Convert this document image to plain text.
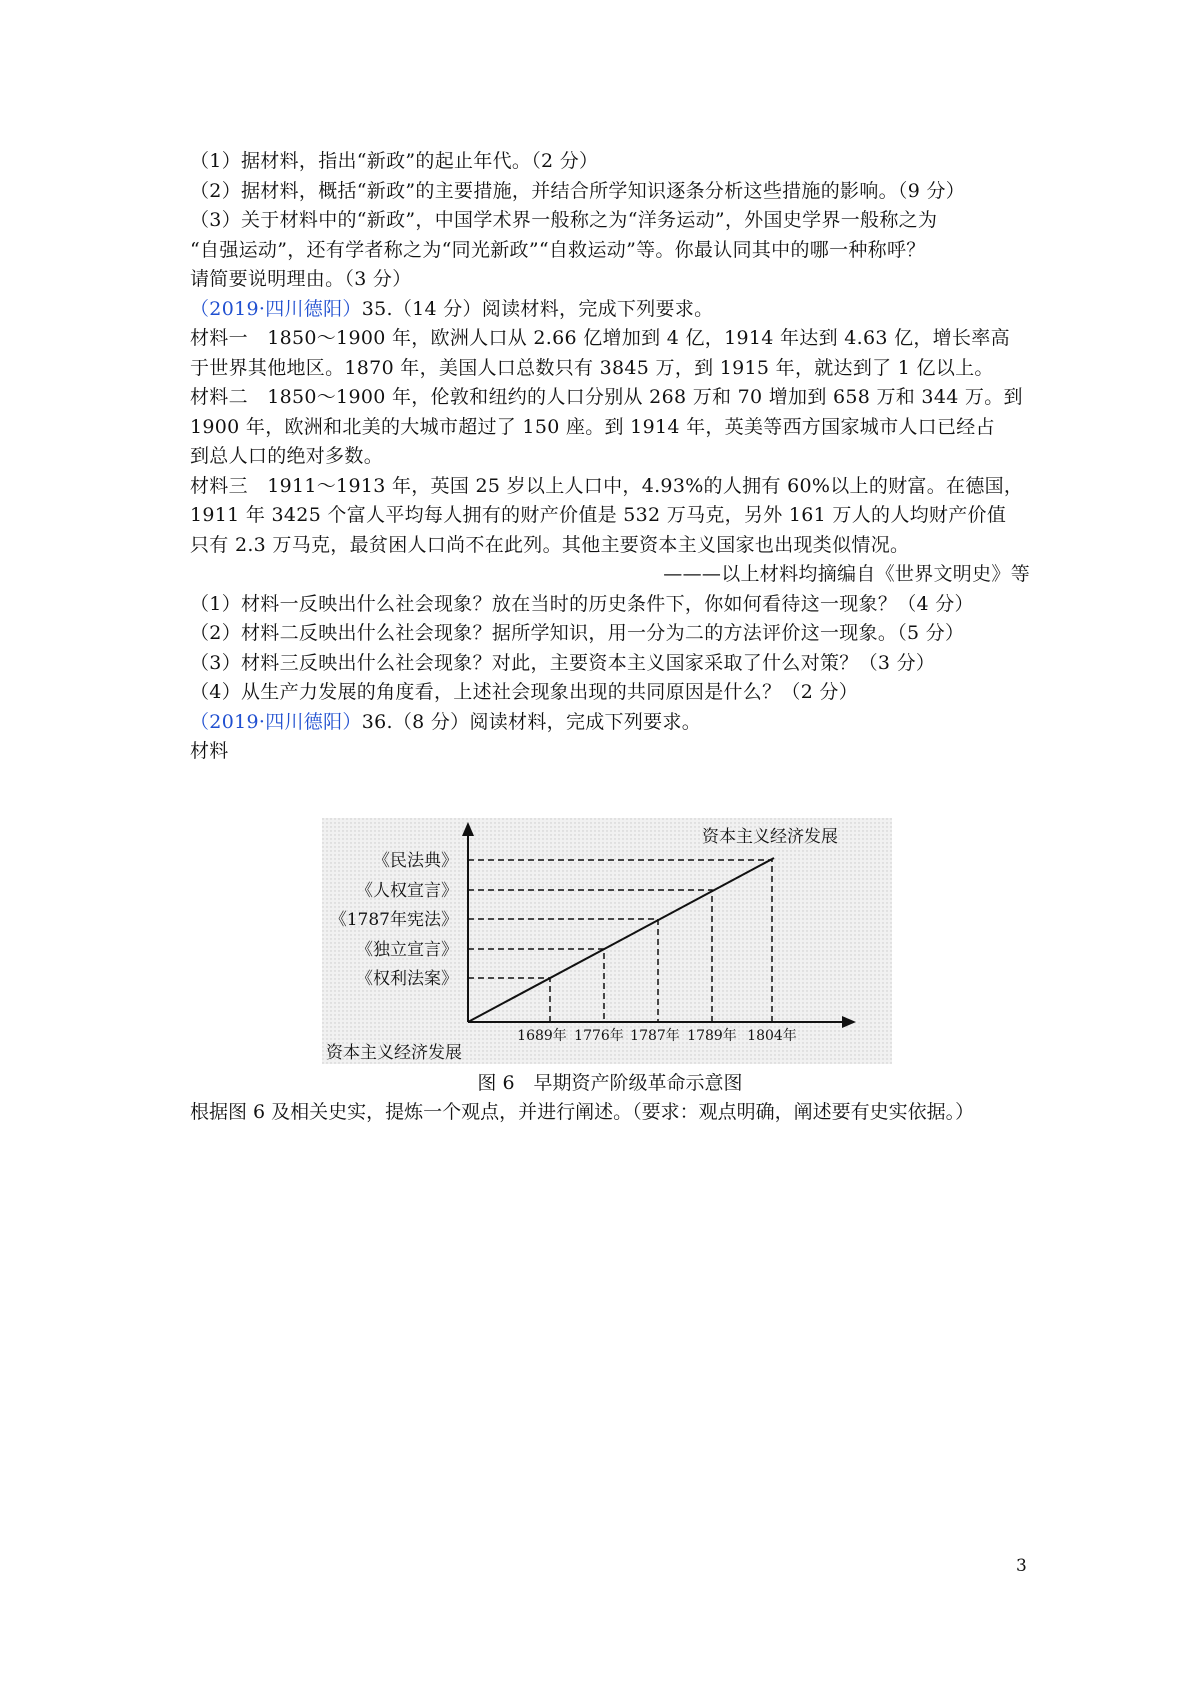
（1）据材料，指出“新政”的起止年代。（2 分）
（2）据材料，概括“新政”的主要措施，并结合所学知识逐条分析这些措施的影响。（9 分）
（3）关于材料中的“新政”，中国学术界一般称之为“洋务运动”，外国史学界一般称之为
“自强运动”，还有学者称之为“同光新政”“自救运动”等。你最认同其中的哪一种称呼？
请简要说明理由。（3 分）
（2019·四川德阳）35.（14 分）阅读材料，完成下列要求。
材料一　1850～1900 年，欧洲人口从 2.66 亿增加到 4 亿，1914 年达到 4.63 亿，增长率高
于世界其他地区。1870 年，美国人口总数只有 3845 万，到 1915 年，就达到了 1 亿以上。
材料二　1850～1900 年，伦敦和纽约的人口分别从 268 万和 70 增加到 658 万和 344 万。到
1900 年，欧洲和北美的大城市超过了 150 座。到 1914 年，英美等西方国家城市人口已经占
到总人口的绝对多数。
材料三　1911～1913 年，英国 25 岁以上人口中，4.93%的人拥有 60%以上的财富。在德国，
1911 年 3425 个富人平均每人拥有的财产价值是 532 万马克，另外 161 万人的人均财产价值
只有 2.3 万马克，最贫困人口尚不在此列。其他主要资本主义国家也出现类似情况。
———以上材料均摘编自《世界文明史》等
（1）材料一反映出什么社会现象？放在当时的历史条件下，你如何看待这一现象？（4 分）
（2）材料二反映出什么社会现象？据所学知识，用一分为二的方法评价这一现象。（5 分）
（3）材料三反映出什么社会现象？对此，主要资本主义国家采取了什么对策？（3 分）
（4）从生产力发展的角度看，上述社会现象出现的共同原因是什么？（2 分）
（2019·四川德阳）36.（8 分）阅读材料，完成下列要求。
材料
资本主义经济发展
资本主义经济发展
《民法典》
《人权宣言》
《1787年宪法》
《独立宣言》
《权利法案》
1689年 1776年 1787年 1789年 1804年
图 6　早期资产阶级革命示意图
根据图 6 及相关史实，提炼一个观点，并进行阐述。（要求：观点明确，阐述要有史实依据。）
3
